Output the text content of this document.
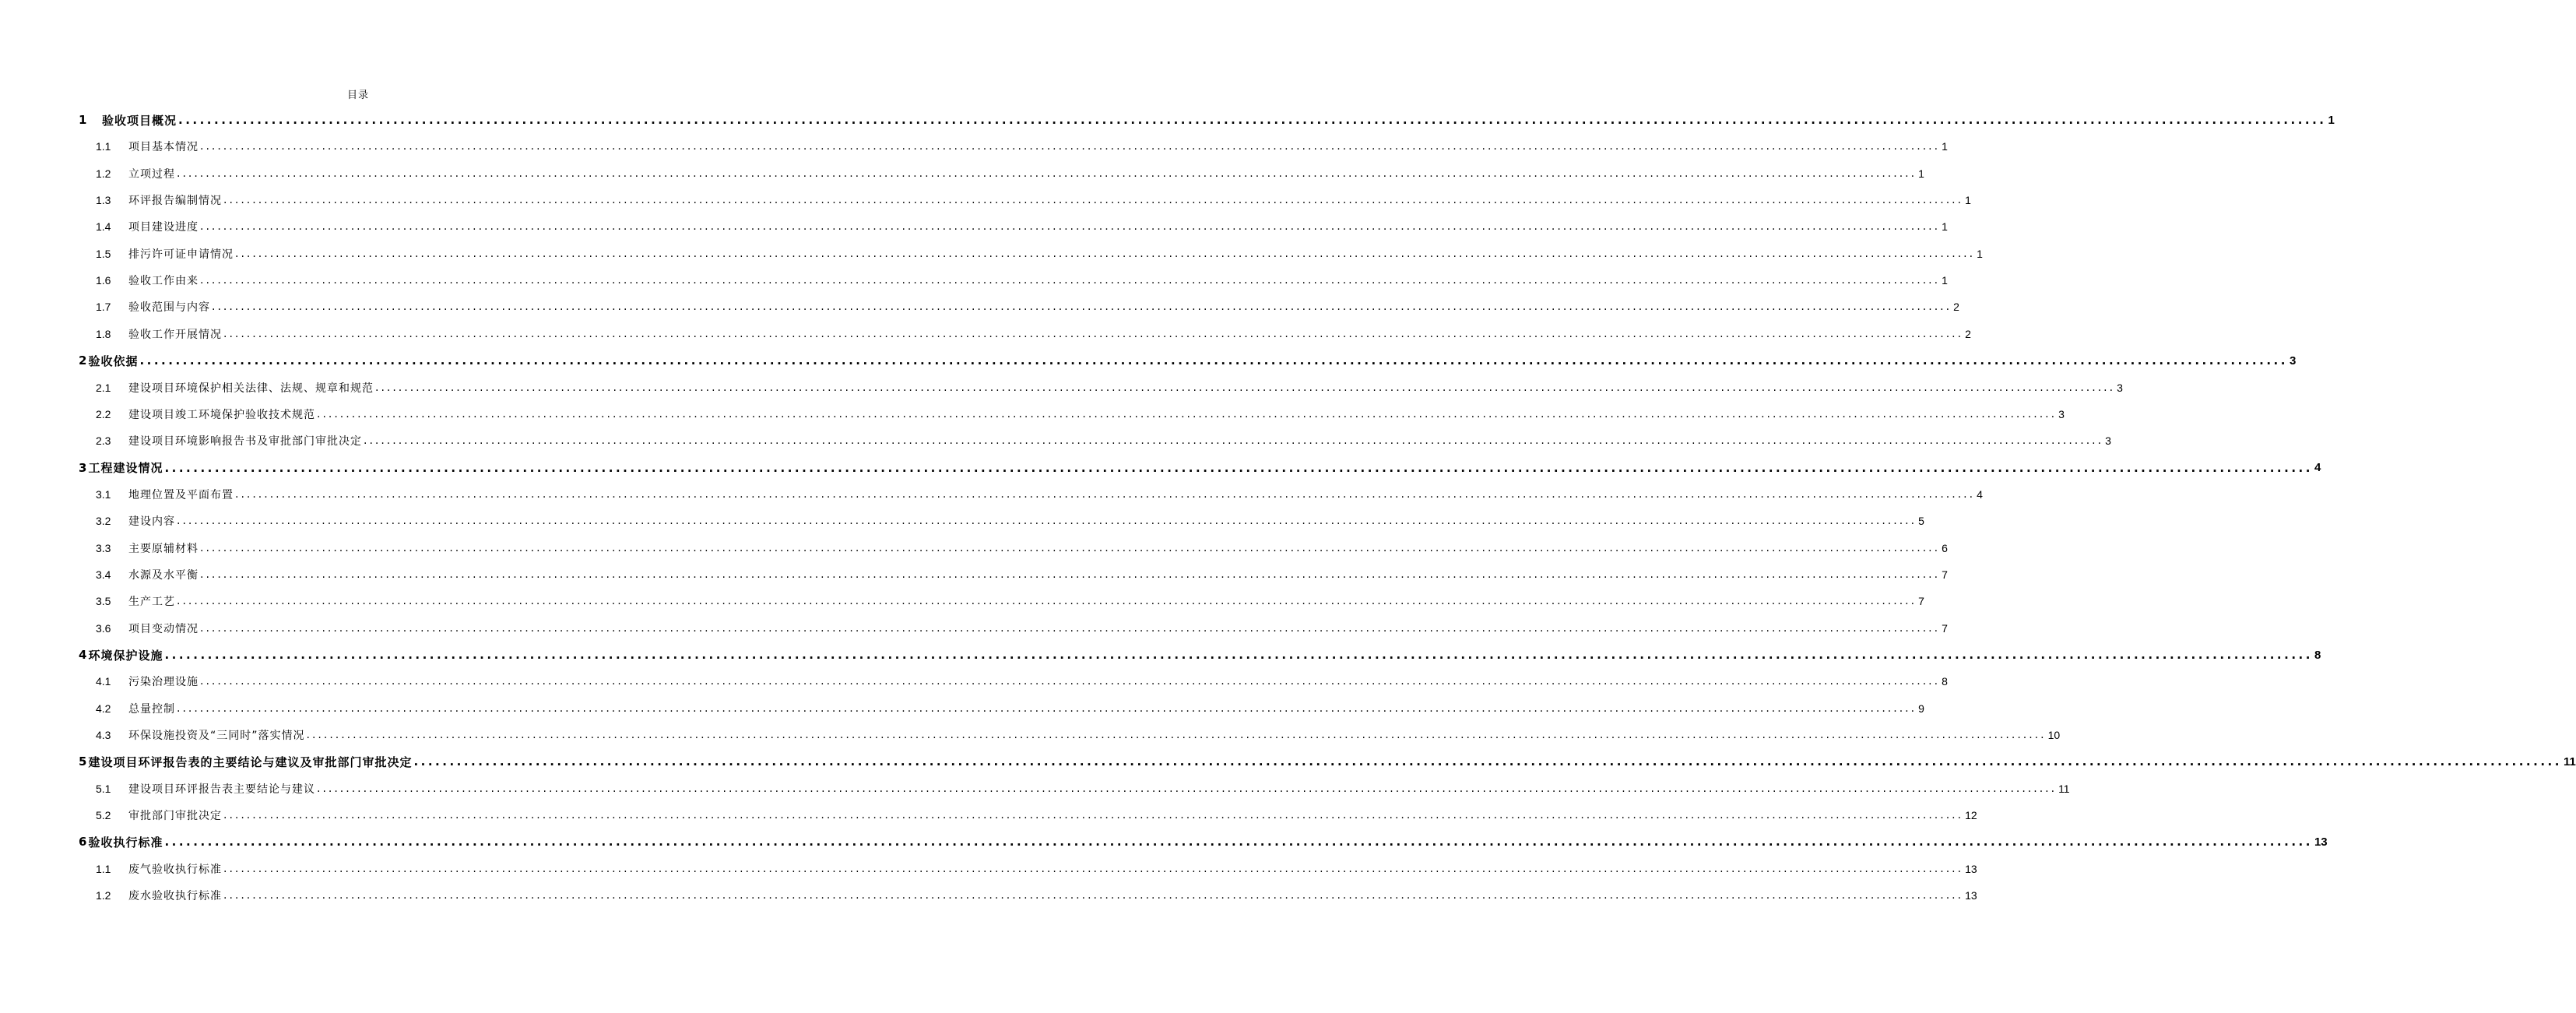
目录
1	验收项目概况 ............................................................................................................................................................................................................................................................................................................ 1
1.1	项目基本情况 ............................................................................................................................................................................................................................................................................................................ 1
1.2	立项过程 ............................................................................................................................................................................................................................................................................................................ 1
1.3	环评报告编制情况 ............................................................................................................................................................................................................................................................................................................ 1
1.4	项目建设进度 ............................................................................................................................................................................................................................................................................................................ 1
1.5	排污许可证申请情况 ............................................................................................................................................................................................................................................................................................................ 1
1.6	验收工作由来 ............................................................................................................................................................................................................................................................................................................ 1
1.7	验收范围与内容 ............................................................................................................................................................................................................................................................................................................ 2
1.8	验收工作开展情况 ............................................................................................................................................................................................................................................................................................................ 2
2 验收依据 ............................................................................................................................................................................................................................................................................................................ 3
2.1	建设项目环境保护相关法律、法规、规章和规范 ............................................................................................................................................................................................................................................................................................................ 3
2.2	建设项目竣工环境保护验收技术规范 ............................................................................................................................................................................................................................................................................................................ 3
2.3	建设项目环境影响报告书及审批部门审批决定 ............................................................................................................................................................................................................................................................................................................ 3
3 工程建设情况 ............................................................................................................................................................................................................................................................................................................ 4
3.1	地理位置及平面布置 ............................................................................................................................................................................................................................................................................................................ 4
3.2	建设内容 ............................................................................................................................................................................................................................................................................................................ 5
3.3	主要原辅材料 ............................................................................................................................................................................................................................................................................................................ 6
3.4	水源及水平衡 ............................................................................................................................................................................................................................................................................................................ 7
3.5	生产工艺 ............................................................................................................................................................................................................................................................................................................ 7
3.6	项目变动情况 ............................................................................................................................................................................................................................................................................................................ 7
4 环境保护设施 ............................................................................................................................................................................................................................................................................................................ 8
4.1	污染治理设施 ............................................................................................................................................................................................................................................................................................................ 8
4.2	总量控制 ............................................................................................................................................................................................................................................................................................................ 9
4.3	环保设施投资及“三同时”落实情况 ............................................................................................................................................................................................................................................................................................................ 10
5 建设项目环评报告表的主要结论与建议及审批部门审批决定 ............................................................................................................................................................................................................................................................................................................ 11
5.1	建设项目环评报告表主要结论与建议 ............................................................................................................................................................................................................................................................................................................ 11
5.2	审批部门审批决定 ............................................................................................................................................................................................................................................................................................................ 12
6 验收执行标准 ............................................................................................................................................................................................................................................................................................................ 13
1.1	废气验收执行标准 ............................................................................................................................................................................................................................................................................................................ 13
1.2	废水验收执行标准 ............................................................................................................................................................................................................................................................................................................ 13
